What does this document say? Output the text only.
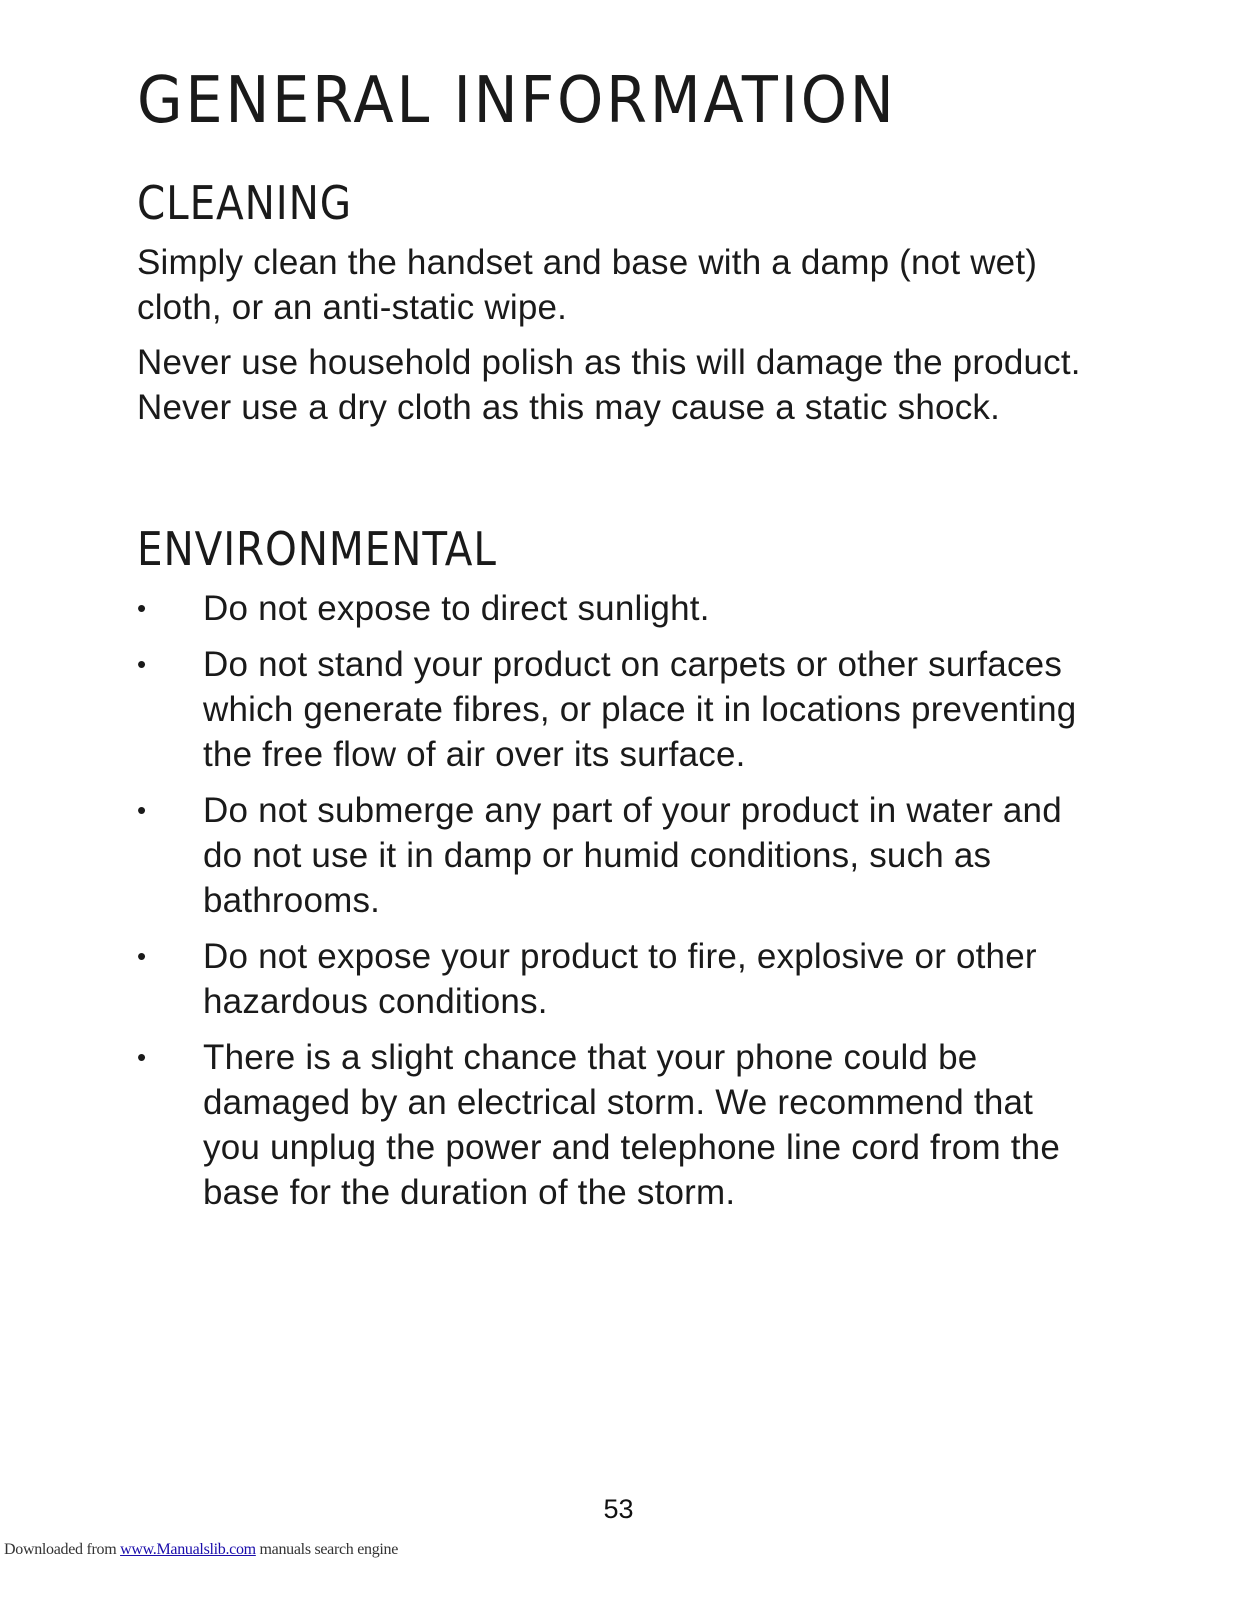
GENERAL INFORMATION
CLEANING

Simply clean the handset and base with a damp (not wet) cloth, or an anti-static wipe.

Never use household polish as this will damage the product. Never use a dry cloth as this may cause a static shock.

ENVIRONMENTAL
•	Do not expose to direct sunlight.
•	Do not stand your product on carpets or other surfaces which generate fibres, or place it in locations preventing the free flow of air over its surface.
•	Do not submerge any part of your product in water and do not use it in damp or humid conditions, such as bathrooms.
•	Do not expose your product to fire, explosive or other hazardous conditions.
•	There is a slight chance that your phone could be damaged by an electrical storm. We recommend that you unplug the power and telephone line cord from the base for the duration of the storm.
53
Downloaded from www.Manualslib.com manuals search engine
